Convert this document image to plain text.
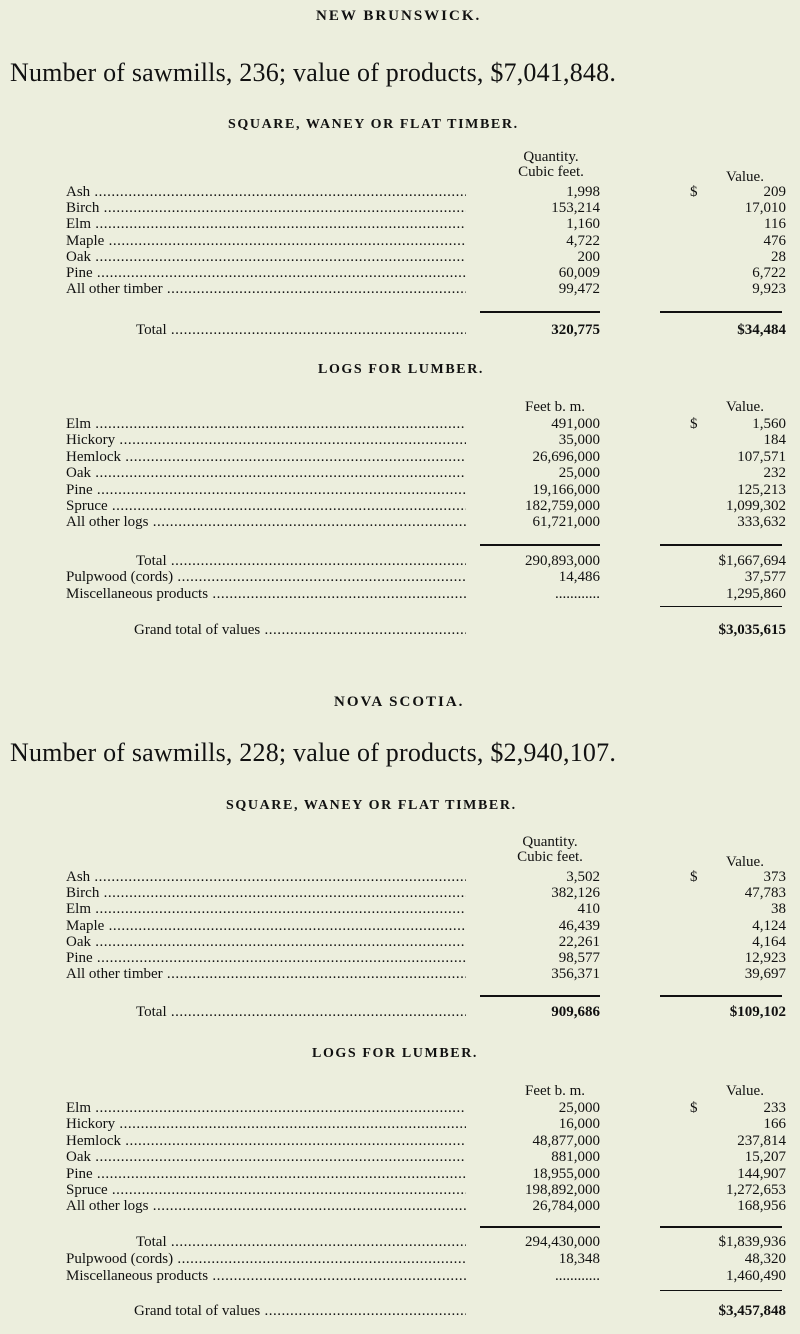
NEW BRUNSWICK.
Number of sawmills, 236; value of products, $7,041,848.
SQUARE, WANEY OR FLAT TIMBER.
Quantity.
Cubic feet.	Value.
Ash .....	1,998	$	209
Birch .....	153,214	17,010
Elm .....	1,160	116
Maple .....	4,722	476
Oak .....	200	28
Pine .....	60,009	6,722
All other timber .....	99,472	9,923
Total .....	320,775	$34,484
LOGS FOR LUMBER.
Feet b. m.	Value.
Elm .....	491,000	$	1,560
Hickory .....	35,000	184
Hemlock .....	26,696,000	107,571
Oak .....	25,000	232
Pine .....	19,166,000	125,213
Spruce .....	182,759,000	1,099,302
All other logs .....	61,721,000	333,632
Total .....	290,893,000	$1,667,694
Pulpwood (cords) .....	14,486	37,577
Miscellaneous products .....	............	1,295,860
Grand total of values .....	$3,035,615
NOVA SCOTIA.
Number of sawmills, 228; value of products, $2,940,107.
SQUARE, WANEY OR FLAT TIMBER.
Quantity.
Cubic feet.	Value.
Ash .....	3,502	$	373
Birch .....	382,126	47,783
Elm .....	410	38
Maple .....	46,439	4,124
Oak .....	22,261	4,164
Pine .....	98,577	12,923
All other timber .....	356,371	39,697
Total .....	909,686	$109,102
LOGS FOR LUMBER.
Feet b. m.	Value.
Elm .....	25,000	$	233
Hickory .....	16,000	166
Hemlock .....	48,877,000	237,814
Oak .....	881,000	15,207
Pine .....	18,955,000	144,907
Spruce .....	198,892,000	1,272,653
All other logs .....	26,784,000	168,956
Total .....	294,430,000	$1,839,936
Pulpwood (cords) .....	18,348	48,320
Miscellaneous products .....	............	1,460,490
Grand total of values .....	$3,457,848
